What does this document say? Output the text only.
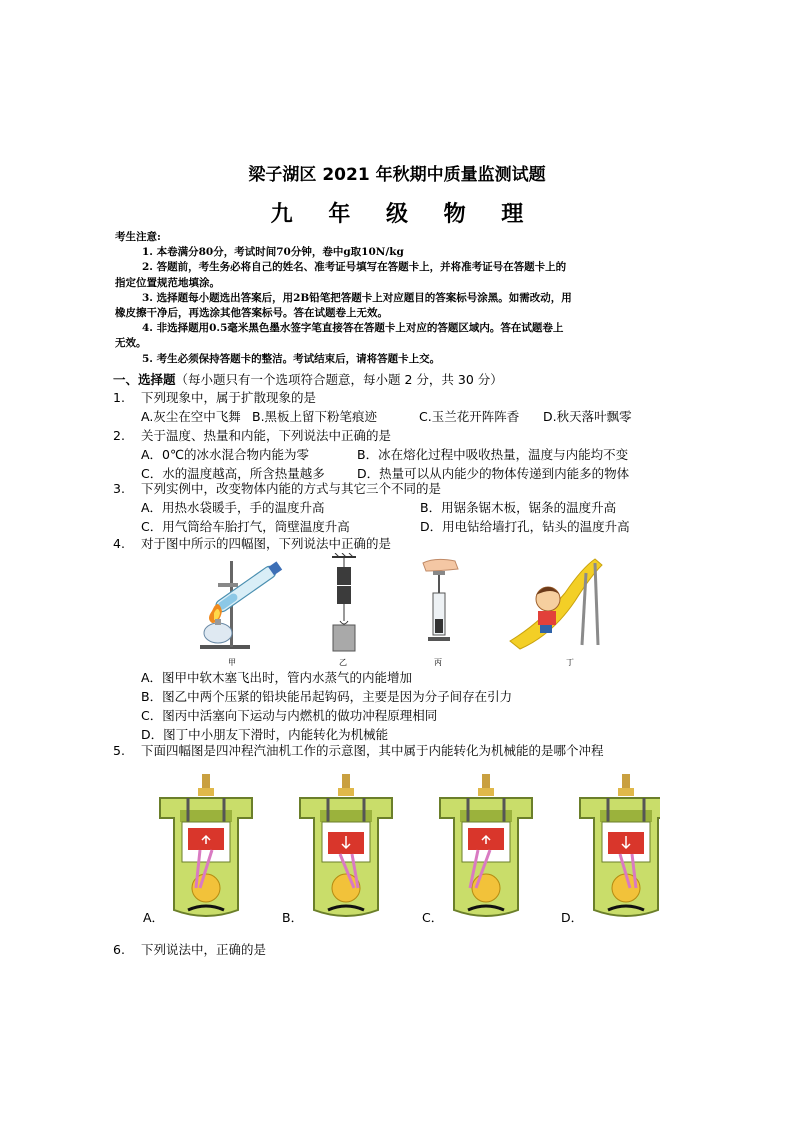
梁子湖区 2021 年秋期中质量监测试题
九 年 级 物 理
考生注意:
1. 本卷满分80分，考试时间70分钟，卷中g取10N/kg
2. 答题前，考生务必将自己的姓名、准考证号填写在答题卡上，并将准考证号在答题卡上的
指定位置规范地填涂。
3. 选择题每小题选出答案后，用2B铅笔把答题卡上对应题目的答案标号涂黑。如需改动，用
橡皮擦干净后，再选涂其他答案标号。答在试题卷上无效。
4. 非选择题用0.5毫米黑色墨水签字笔直接答在答题卡上对应的答题区域内。答在试题卷上
无效。
5. 考生必须保持答题卡的整洁。考试结束后，请将答题卡上交。
一、选择题（每小题只有一个选项符合题意，每小题 2 分，共 30 分）
1. 下列现象中，属于扩散现象的是
A.灰尘在空中飞舞 B.黑板上留下粉笔痕迹	C.玉兰花开阵阵香 D.秋天落叶飘零
2. 关于温度、热量和内能，下列说法中正确的是
A．0℃的冰水混合物内能为零	B．冰在熔化过程中吸收热量，温度与内能均不变
C．水的温度越高，所含热量越多	D．热量可以从内能少的物体传递到内能多的物体
3. 下列实例中，改变物体内能的方式与其它三个不同的是
A．用热水袋暖手，手的温度升高	B．用锯条锯木板，锯条的温度升高
C．用气筒给车胎打气，筒壁温度升高	D．用电钻给墙打孔，钻头的温度升高
4. 对于图中所示的四幅图，下列说法中正确的是
乙	丙	丁
甲
A．图甲中软木塞飞出时，管内水蒸气的内能增加
B．图乙中两个压紧的铅块能吊起钩码，主要是因为分子间存在引力
C．图丙中活塞向下运动与内燃机的做功冲程原理相同
D．图丁中小朋友下滑时，内能转化为机械能
5. 下面四幅图是四冲程汽油机工作的示意图，其中属于内能转化为机械能的是哪个冲程
A．	B．	C．	D．
6. 下列说法中，正确的是
